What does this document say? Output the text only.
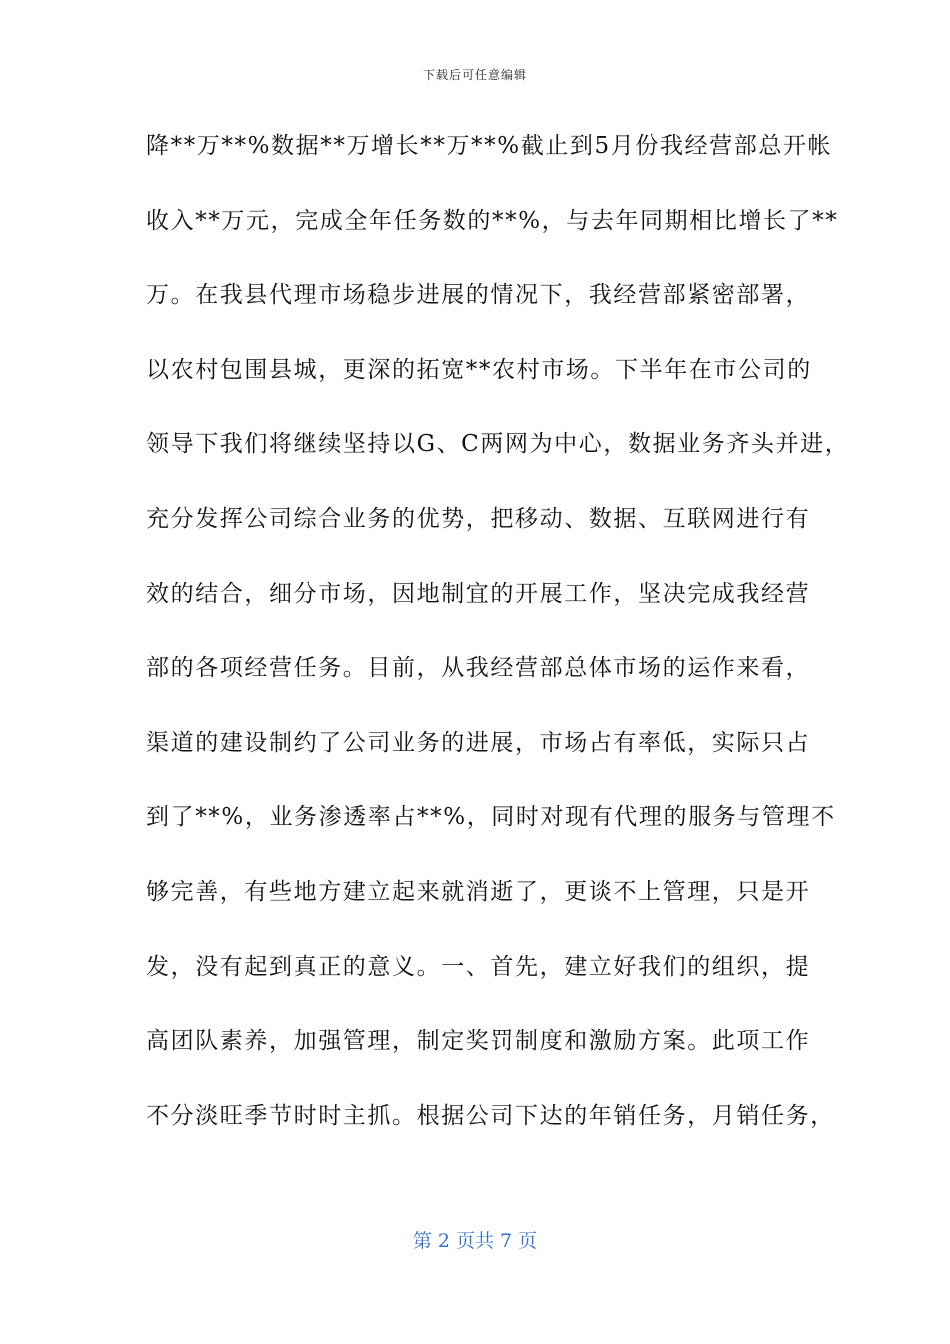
下载后可任意编辑
降**万**%数据**万增长**万**%截止到5月份我经营部总开帐
收入**万元，完成全年任务数的**%，与去年同期相比增长了**
万。在我县代理市场稳步进展的情况下，我经营部紧密部署，
以农村包围县城，更深的拓宽**农村市场。下半年在市公司的
领导下我们将继续坚持以G、C两网为中心，数据业务齐头并进，
充分发挥公司综合业务的优势，把移动、数据、互联网进行有
效的结合，细分市场，因地制宜的开展工作，坚决完成我经营
部的各项经营任务。目前，从我经营部总体市场的运作来看，
渠道的建设制约了公司业务的进展，市场占有率低，实际只占
到了**%，业务渗透率占**%，同时对现有代理的服务与管理不
够完善，有些地方建立起来就消逝了，更谈不上管理，只是开
发，没有起到真正的意义。一、首先，建立好我们的组织，提
高团队素养，加强管理，制定奖罚制度和激励方案。此项工作
不分淡旺季节时时主抓。根据公司下达的年销任务，月销任务，
第 2 页共 7 页
